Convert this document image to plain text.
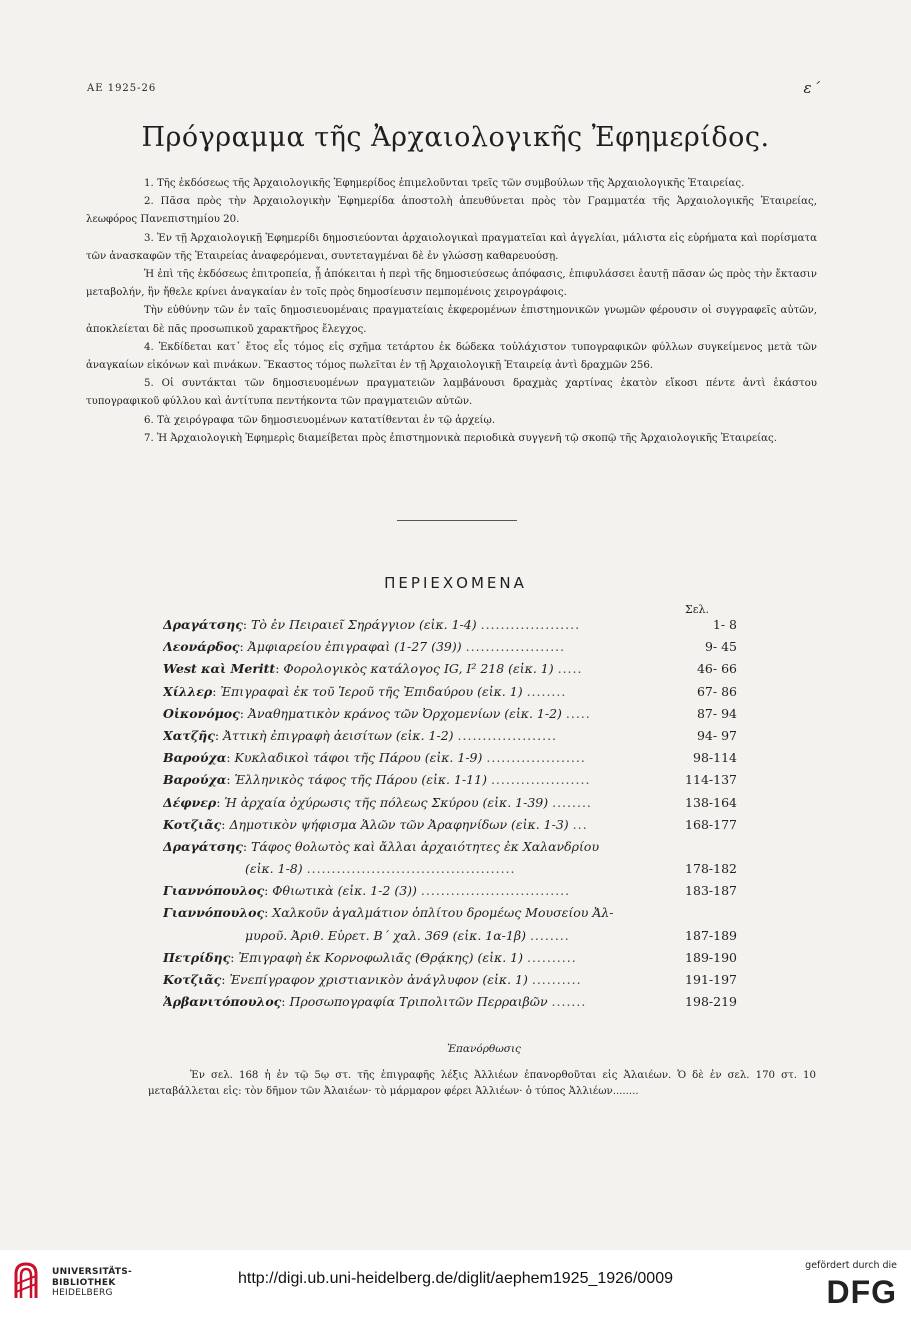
ΑΕ 1925-26	ε΄
Πρόγραμμα τῆς Ἀρχαιολογικῆς Ἐφημερίδος.

1. Τῆς ἐκδόσεως τῆς Ἀρχαιολογικῆς Ἐφημερίδος ἐπιμελοῦνται τρεῖς τῶν συμβούλων τῆς Ἀρχαιολογικῆς Ἑταιρείας.

2. Πᾶσα πρὸς τὴν Ἀρχαιολογικὴν Ἐφημερίδα ἀποστολὴ ἀπευθύνεται πρὸς τὸν Γραμματέα τῆς Ἀρχαιολογικῆς Ἑταιρείας, λεωφόρος Πανεπιστημίου 20.

3. Ἐν τῇ Ἀρχαιολογικῇ Ἐφημερίδι δημοσιεύονται ἀρχαιολογικαὶ πραγματεῖαι καὶ ἀγγελίαι, μάλιστα εἰς εὑρήματα καὶ πορίσματα τῶν ἀνασκαφῶν τῆς Ἑταιρείας ἀναφερόμεναι, συντεταγμέναι δὲ ἐν γλώσσῃ καθαρευούσῃ.

Ἡ ἐπὶ τῆς ἐκδόσεως ἐπιτροπεία, ᾗ ἀπόκειται ἡ περὶ τῆς δημοσιεύσεως ἀπόφασις, ἐπιφυλάσσει ἑαυτῇ πᾶσαν ὡς πρὸς τὴν ἔκτασιν μεταβολήν, ἣν ἤθελε κρίνει ἀναγκαίαν ἐν τοῖς πρὸς δημοσίευσιν πεμπομένοις χειρογράφοις.

Τὴν εὐθύνην τῶν ἐν ταῖς δημοσιευομέναις πραγματείαις ἐκφερομένων ἐπιστημονικῶν γνωμῶν φέρουσιν οἱ συγγραφεῖς αὐτῶν, ἀποκλείεται δὲ πᾶς προσωπικοῦ χαρακτῆρος ἔλεγχος.

4. Ἐκδίδεται κατ᾽ ἔτος εἷς τόμος εἰς σχῆμα τετάρτου ἐκ δώδεκα τοὐλάχιστον τυπογραφικῶν φύλλων συγκείμενος μετὰ τῶν ἀναγκαίων εἰκόνων καὶ πινάκων. Ἕκαστος τόμος πωλεῖται ἐν τῇ Ἀρχαιολογικῇ Ἑταιρείᾳ ἀντὶ δραχμῶν 256.

5. Οἱ συντάκται τῶν δημοσιευομένων πραγματειῶν λαμβάνουσι δραχμὰς χαρτίνας ἑκατὸν εἴκοσι πέντε ἀντὶ ἑκάστου τυπογραφικοῦ φύλλου καὶ ἀντίτυπα πεντήκοντα τῶν πραγματειῶν αὐτῶν.

6. Τὰ χειρόγραφα τῶν δημοσιευομένων κατατίθενται ἐν τῷ ἀρχείῳ.

7. Ἡ Ἀρχαιολογικὴ Ἐφημερὶς διαμείβεται πρὸς ἐπιστημονικὰ περιοδικὰ συγγενῆ τῷ σκοπῷ τῆς Ἀρχαιολογικῆς Ἑταιρείας.

ΠΕΡΙΕΧΟΜΕΝΑ
Σελ.
Δραγάτσης: Τὸ ἐν Πειραιεῖ Σηράγγιον (εἰκ. 1-4) ....................	1- 8
Λεονάρδος: Ἀμφιαρείου ἐπιγραφαὶ (1-27 (39)) ....................	9- 45
West καὶ Meritt: Φορολογικὸς κατάλογος IG, I² 218 (εἰκ. 1) .....	46- 66
Χίλλερ: Ἐπιγραφαὶ ἐκ τοῦ Ἱεροῦ τῆς Ἐπιδαύρου (εἰκ. 1) ........	67- 86
Οἰκονόμος: Ἀναθηματικὸν κράνος τῶν Ὀρχομενίων (εἰκ. 1-2) .....	87- 94
Χατζῆς: Ἀττικὴ ἐπιγραφὴ ἀεισίτων (εἰκ. 1-2) ....................	94- 97
Βαρούχα: Κυκλαδικοὶ τάφοι τῆς Πάρου (εἰκ. 1-9) ....................	98-114
Βαρούχα: Ἑλληνικὸς τάφος τῆς Πάρου (εἰκ. 1-11) ....................	114-137
Δέφνερ: Ἡ ἀρχαία ὀχύρωσις τῆς πόλεως Σκύρου (εἰκ. 1-39) ........	138-164
Κοτζιᾶς: Δημοτικὸν ψήφισμα Ἁλῶν τῶν Ἀραφηνίδων (εἰκ. 1-3) ...	168-177
Δραγάτσης: Τάφος θολωτὸς καὶ ἄλλαι ἀρχαιότητες ἐκ Χαλανδρίου
(εἰκ. 1-8) ..........................................	178-182
Γιαννόπουλος: Φθιωτικὰ (εἰκ. 1-2 (3)) ..............................	183-187
Γιαννόπουλος: Χαλκοῦν ἀγαλμάτιον ὁπλίτου δρομέως Μουσείου Ἀλ-
μυροῦ. Ἀριθ. Εὑρετ. Β΄ χαλ. 369 (εἰκ. 1α-1β) ........	187-189
Πετρίδης: Ἐπιγραφὴ ἐκ Κορνοφωλιᾶς (Θρᾴκης) (εἰκ. 1) ..........	189-190
Κοτζιᾶς: Ἐνεπίγραφον χριστιανικὸν ἀνάγλυφον (εἰκ. 1) ..........	191-197
Ἀρβανιτόπουλος: Προσωπογραφία Τριπολιτῶν Περραιβῶν .......	198-219
Ἐπανόρθωσις

Ἐν σελ. 168 ἡ ἐν τῷ 5ῳ στ. τῆς ἐπιγραφῆς λέξις Ἀλλιέων ἐπανορθοῦται εἰς Ἀλαιέων. Ὁ δὲ ἐν σελ. 170 στ. 10 μεταβάλλεται εἰς: τὸν δῆμον τῶν Ἀλαιέων· τὸ μάρμαρον φέρει Ἀλλιέων· ὁ τύπος Ἀλλιέων........

UNIVERSITÄTS-
BIBLIOTHEK
HEIDELBERG
http://digi.ub.uni-heidelberg.de/diglit/aephem1925_1926/0009
gefördert durch die
DFG
